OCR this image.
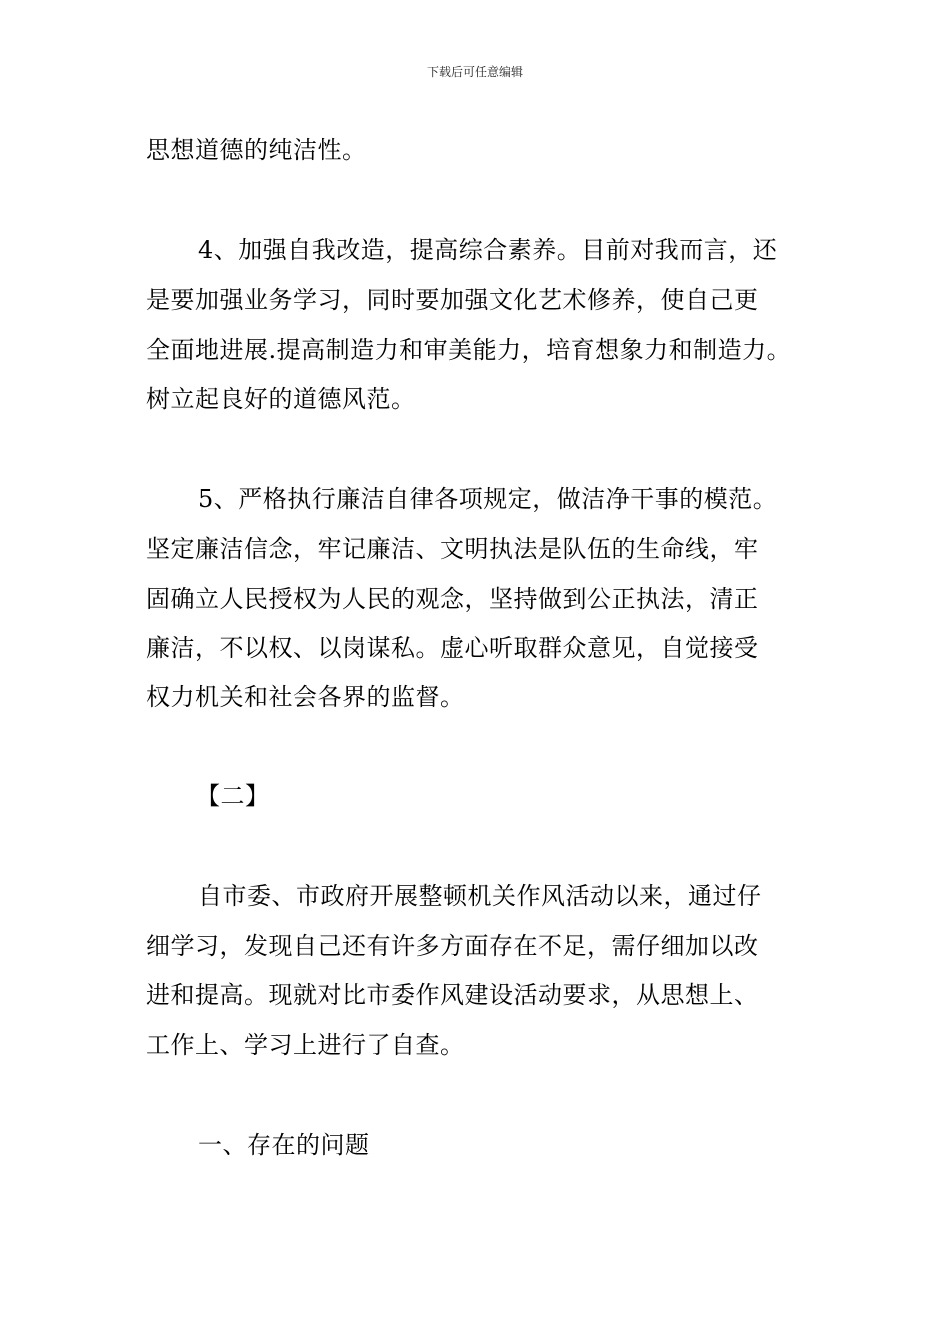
下载后可任意编辑
思想道德的纯洁性。
4、加强自我改造，提高综合素养。目前对我而言，还
是要加强业务学习，同时要加强文化艺术修养，使自己更
全面地进展.提高制造力和审美能力，培育想象力和制造力。
树立起良好的道德风范。
5、严格执行廉洁自律各项规定，做洁净干事的模范。
坚定廉洁信念，牢记廉洁、文明执法是队伍的生命线，牢
固确立人民授权为人民的观念，坚持做到公正执法，清正
廉洁，不以权、以岗谋私。虚心听取群众意见，自觉接受
权力机关和社会各界的监督。
【二】
自市委、市政府开展整顿机关作风活动以来，通过仔
细学习，发现自己还有许多方面存在不足，需仔细加以改
进和提高。现就对比市委作风建设活动要求，从思想上、
工作上、学习上进行了自查。
一、存在的问题
